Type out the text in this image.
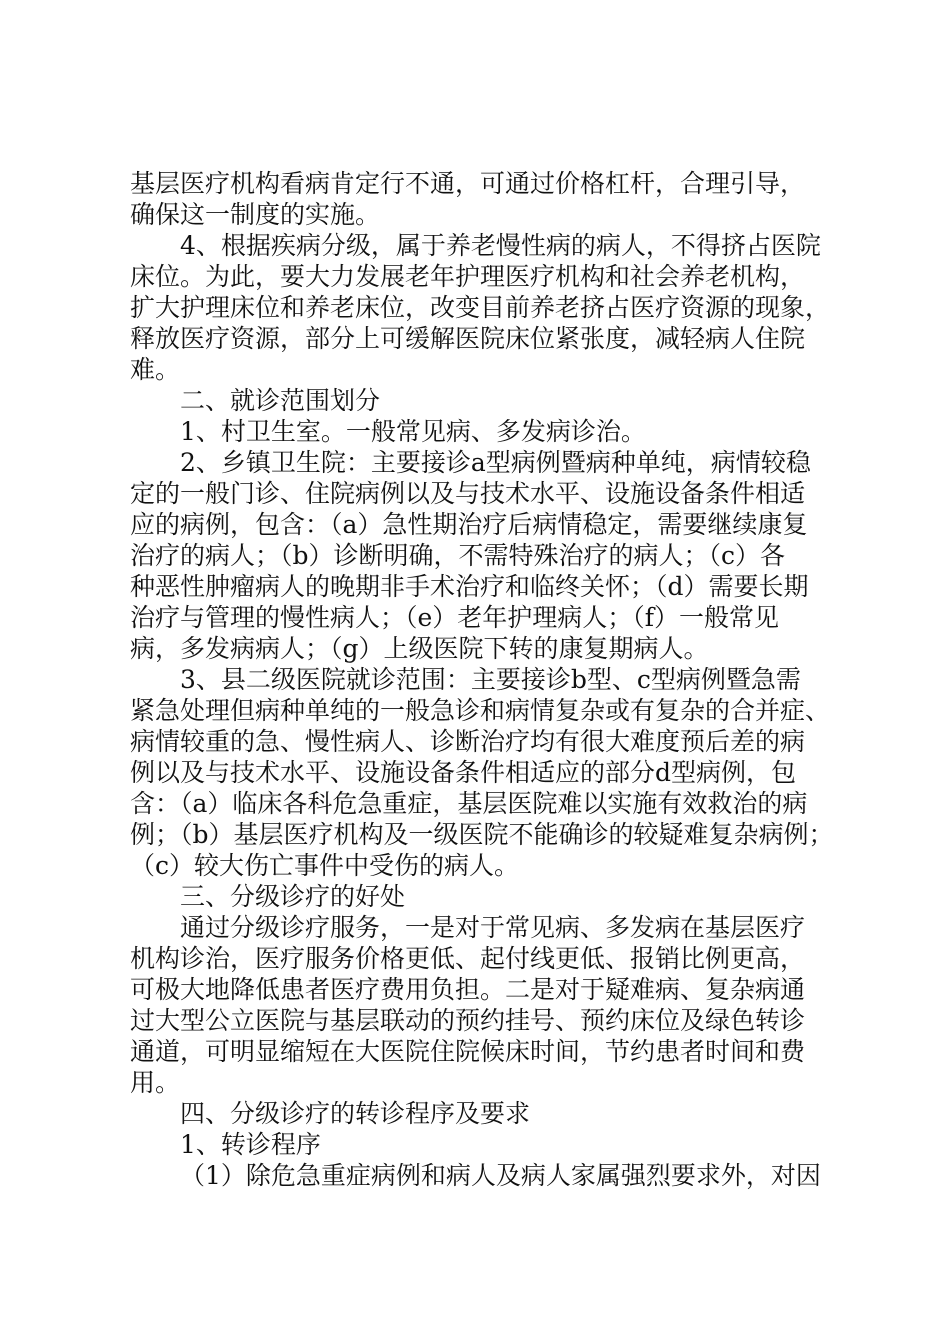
基层医疗机构看病肯定行不通，可通过价格杠杆，合理引导，
确保这一制度的实施。
4、根据疾病分级，属于养老慢性病的病人，不得挤占医院
床位。为此，要大力发展老年护理医疗机构和社会养老机构，
扩大护理床位和养老床位，改变目前养老挤占医疗资源的现象，
释放医疗资源，部分上可缓解医院床位紧张度，减轻病人住院
难。
二、就诊范围划分
1、村卫生室。一般常见病、多发病诊治。
2、乡镇卫生院：主要接诊a型病例暨病种单纯，病情较稳
定的一般门诊、住院病例以及与技术水平、设施设备条件相适
应的病例，包含：（a）急性期治疗后病情稳定，需要继续康复
治疗的病人；（b）诊断明确，不需特殊治疗的病人；（c）各
种恶性肿瘤病人的晚期非手术治疗和临终关怀；（d）需要长期
治疗与管理的慢性病人；（e）老年护理病人；（f）一般常见
病，多发病病人；（g）上级医院下转的康复期病人。
3、县二级医院就诊范围：主要接诊b型、c型病例暨急需
紧急处理但病种单纯的一般急诊和病情复杂或有复杂的合并症、
病情较重的急、慢性病人、诊断治疗均有很大难度预后差的病
例以及与技术水平、设施设备条件相适应的部分d型病例，包
含：（a）临床各科危急重症，基层医院难以实施有效救治的病
例；（b）基层医疗机构及一级医院不能确诊的较疑难复杂病例；
（c）较大伤亡事件中受伤的病人。
三、分级诊疗的好处
通过分级诊疗服务，一是对于常见病、多发病在基层医疗
机构诊治，医疗服务价格更低、起付线更低、报销比例更高，
可极大地降低患者医疗费用负担。二是对于疑难病、复杂病通
过大型公立医院与基层联动的预约挂号、预约床位及绿色转诊
通道，可明显缩短在大医院住院候床时间，节约患者时间和费
用。
四、分级诊疗的转诊程序及要求
1、转诊程序
（1）除危急重症病例和病人及病人家属强烈要求外，对因
